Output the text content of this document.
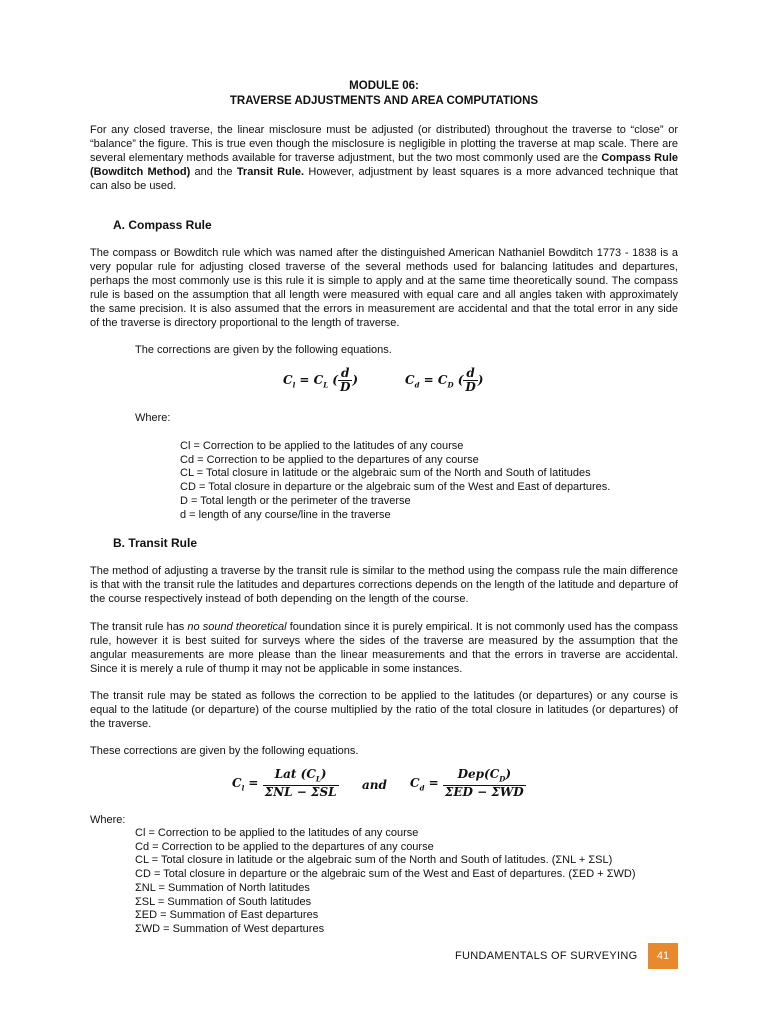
MODULE 06:
TRAVERSE ADJUSTMENTS AND AREA COMPUTATIONS

For any closed traverse, the linear misclosure must be adjusted (or distributed) throughout the traverse to “close” or “balance” the figure. This is true even though the misclosure is negligible in plotting the traverse at map scale. There are several elementary methods available for traverse adjustment, but the two most commonly used are the Compass Rule (Bowditch Method) and the Transit Rule. However, adjustment by least squares is a more advanced technique that can also be used.

A. Compass Rule

The compass or Bowditch rule which was named after the distinguished American Nathaniel Bowditch 1773 - 1838 is a very popular rule for adjusting closed traverse of the several methods used for balancing latitudes and departures, perhaps the most commonly use is this rule it is simple to apply and at the same time theoretically sound. The compass rule is based on the assumption that all length were measured with equal care and all angles taken with approximately the same precision. It is also assumed that the errors in measurement are accidental and that the total error in any side of the traverse is directory proportional to the length of traverse.

The corrections are given by the following equations.
$C_l = C_L$ ( $\frac{d}{D}$ )	$C_d = C_D$ ( $\frac{d}{D}$ )
Where:
Cl = Correction to be applied to the latitudes of any course
Cd = Correction to be applied to the departures of any course
CL = Total closure in latitude or the algebraic sum of the North and South of latitudes
CD = Total closure in departure or the algebraic sum of the West and East of departures.
D = Total length or the perimeter of the traverse
d = length of any course/line in the traverse
B. Transit Rule

The method of adjusting a traverse by the transit rule is similar to the method using the compass rule the main difference is that with the transit rule the latitudes and departures corrections depends on the length of the latitude and departure of the course respectively instead of both depending on the length of the course.

The transit rule has no sound theoretical foundation since it is purely empirical. It is not commonly used has the compass rule, however it is best suited for surveys where the sides of the traverse are measured by the assumption that the angular measurements are more please than the linear measurements and that the errors in traverse are accidental. Since it is merely a rule of thump it may not be applicable in some instances.

The transit rule may be stated as follows the correction to be applied to the latitudes (or departures) or any course is equal to the latitude (or departure) of the course multiplied by the ratio of the total closure in latitudes (or departures) of the traverse.

These corrections are given by the following equations.
$C_l = \frac{Lat (C_L)}{\text{ΣNL − ΣSL}}$ and $C_d = \frac{Dep(C_D)}{\text{ΣED − ΣWD}}$
Where:
Cl = Correction to be applied to the latitudes of any course
Cd = Correction to be applied to the departures of any course
CL = Total closure in latitude or the algebraic sum of the North and South of latitudes. (ΣNL + ΣSL)
CD = Total closure in departure or the algebraic sum of the West and East of departures. (ΣED + ΣWD)
ΣNL = Summation of North latitudes
ΣSL = Summation of South latitudes
ΣED = Summation of East departures
ΣWD = Summation of West departures
FUNDAMENTALS OF SURVEYING	41
